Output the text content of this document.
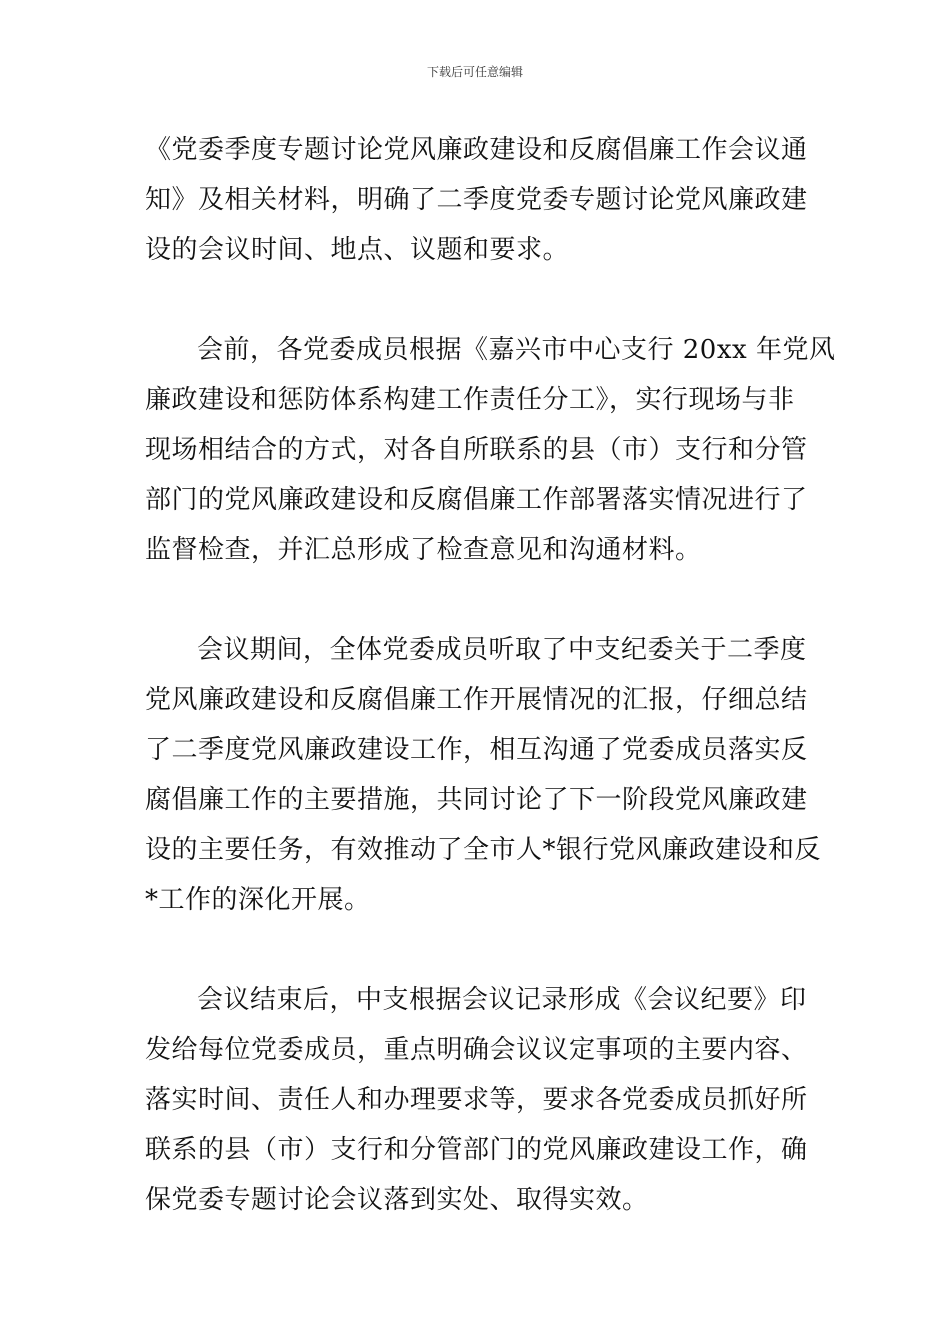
下载后可任意编辑
《党委季度专题讨论党风廉政建设和反腐倡廉工作会议通
知》及相关材料，明确了二季度党委专题讨论党风廉政建
设的会议时间、地点、议题和要求。
会前，各党委成员根据《嘉兴市中心支行 20xx 年党风
廉政建设和惩防体系构建工作责任分工》，实行现场与非
现场相结合的方式，对各自所联系的县（市）支行和分管
部门的党风廉政建设和反腐倡廉工作部署落实情况进行了
监督检查，并汇总形成了检查意见和沟通材料。
会议期间，全体党委成员听取了中支纪委关于二季度
党风廉政建设和反腐倡廉工作开展情况的汇报，仔细总结
了二季度党风廉政建设工作，相互沟通了党委成员落实反
腐倡廉工作的主要措施，共同讨论了下一阶段党风廉政建
设的主要任务，有效推动了全市人*银行党风廉政建设和反
*工作的深化开展。
会议结束后，中支根据会议记录形成《会议纪要》印
发给每位党委成员，重点明确会议议定事项的主要内容、
落实时间、责任人和办理要求等，要求各党委成员抓好所
联系的县（市）支行和分管部门的党风廉政建设工作，确
保党委专题讨论会议落到实处、取得实效。
